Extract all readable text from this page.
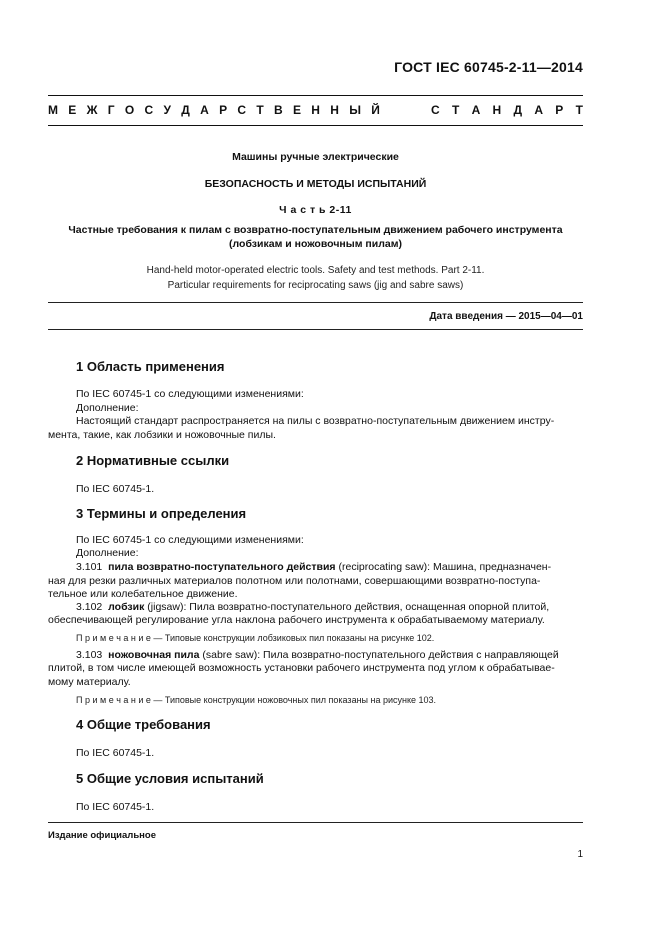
ГОСТ IEC 60745-2-11—2014
М Е Ж Г О С У Д А Р С Т В Е Н Н Ы Й	С Т А Н Д А Р Т
Машины ручные электрические
БЕЗОПАСНОСТЬ И МЕТОДЫ ИСПЫТАНИЙ
Ч а с т ь 2-11
Частные требования к пилам с возвратно-поступательным движением рабочего инструмента
(лобзикам и ножовочным пилам)
Hand-held motor-operated electric tools. Safety and test methods. Part 2-11.
Particular requirements for reciprocating saws (jig and sabre saws)
Дата введения — 2015—04—01
1 Область применения
По IEC 60745-1 со следующими изменениями:
Дополнение:
Настоящий стандарт распространяется на пилы с возвратно-поступательным движением инстру-
мента, такие, как лобзики и ножовочные пилы.
2 Нормативные ссылки
По IEC 60745-1.
3 Термины и определения
По IEC 60745-1 со следующими изменениями:
Дополнение:
3.101 пила возвратно-поступательного действия (reciprocating saw): Машина, предназначен-
ная для резки различных материалов полотном или полотнами, совершающими возвратно-поступа-
тельное или колебательное движение.
3.102 лобзик (jigsaw): Пила возвратно-поступательного действия, оснащенная опорной плитой,
обеспечивающей регулирование угла наклона рабочего инструмента к обрабатываемому материалу.
П р и м е ч а н и е — Типовые конструкции лобзиковых пил показаны на рисунке 102.
3.103 ножовочная пила (sabre saw): Пила возвратно-поступательного действия с направляющей
плитой, в том числе имеющей возможность установки рабочего инструмента под углом к обрабатывае-
мому материалу.
П р и м е ч а н и е — Типовые конструкции ножовочных пил показаны на рисунке 103.
4 Общие требования
По IEC 60745-1.
5 Общие условия испытаний
По IEC 60745-1.
Издание официальное
1
